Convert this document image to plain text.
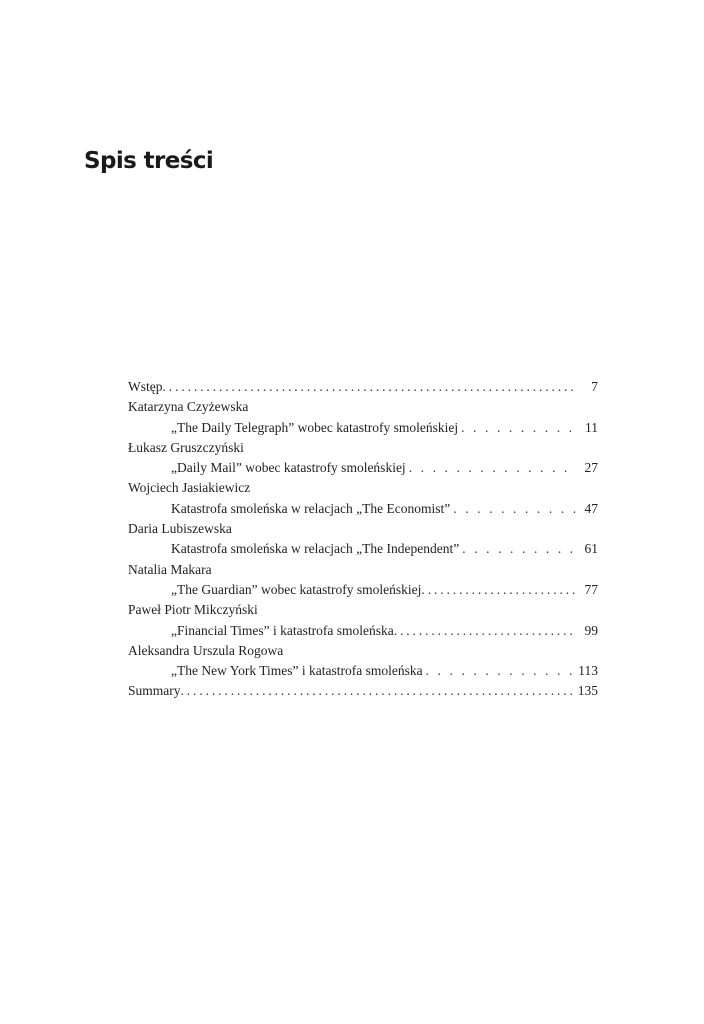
Spis treści
Wstęp .....	7
Katarzyna Czyżewska
„The Daily Telegraph” wobec katastrofy smoleńskiej . . .	11
Łukasz Gruszczyński
„Daily Mail” wobec katastrofy smoleńskiej . . .	27
Wojciech Jasiakiewicz
Katastrofa smoleńska w relacjach „The Economist” . . .	47
Daria Lubiszewska
Katastrofa smoleńska w relacjach „The Independent” . . .	61
Natalia Makara
„The Guardian” wobec katastrofy smoleńskiej .....	77
Paweł Piotr Mikczyński
„Financial Times” i katastrofa smoleńska .....	99
Aleksandra Urszula Rogowa
„The New York Times” i katastrofa smoleńska . . .	113
Summary .....	135
